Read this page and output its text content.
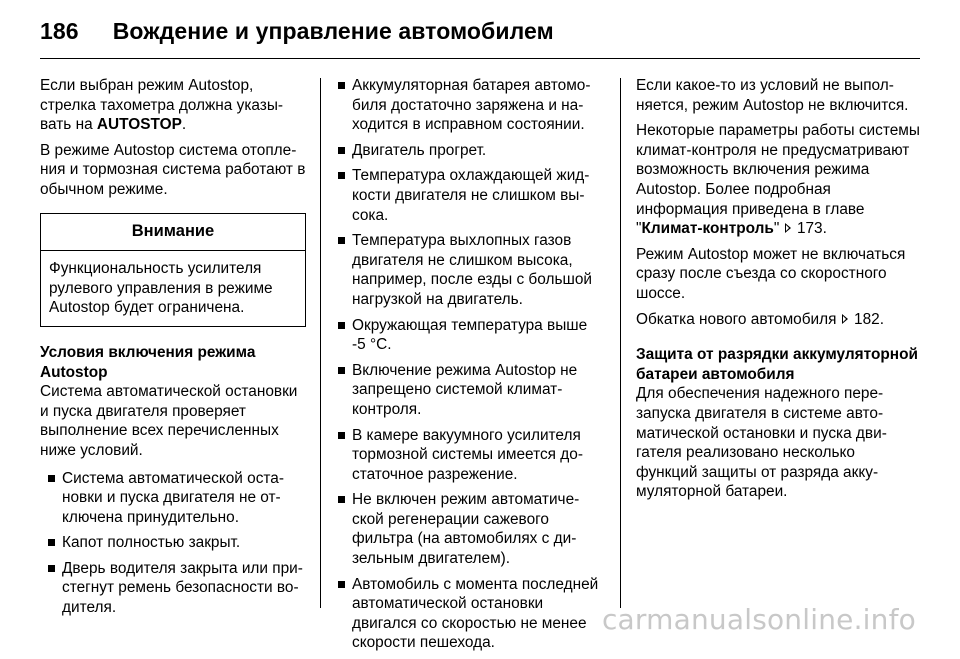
186 Вождение и управление автомобилем

Если выбран режим Autostop, стрелка тахометра должна указывать на AUTOSTOP.

В режиме Autostop система отопления и тормозная система работают в обычном режиме.

Внимание
Функциональность усилителя рулевого управления в режиме Autostop будет ограничена.

Условия включения режима Autostop

Система автоматической остановки и пуска двигателя проверяет выполнение всех перечисленных ниже условий.

Система автоматической остановки и пуска двигателя не отключена принудительно.
Капот полностью закрыт.
Дверь водителя закрыта или пристегнут ремень безопасности водителя.
Аккумуляторная батарея автомобиля достаточно заряжена и находится в исправном состоянии.
Двигатель прогрет.
Температура охлаждающей жидкости двигателя не слишком высока.
Температура выхлопных газов двигателя не слишком высока, например, после езды с большой нагрузкой на двигатель.
Окружающая температура выше -5 °C.
Включение режима Autostop не запрещено системой климат-контроля.
В камере вакуумного усилителя тормозной системы имеется достаточное разрежение.
Не включен режим автоматической регенерации сажевого фильтра (на автомобилях с дизельным двигателем).
Автомобиль с момента последней автоматической остановки двигался со скоростью не менее скорости пешехода.

Если какое-то из условий не выполняется, режим Autostop не включится.

Некоторые параметры работы системы климат-контроля не предусматривают возможность включения режима Autostop. Более подробная информация приведена в главе "Климат-контроль"  173.

Режим Autostop может не включаться сразу после съезда со скоростного шоссе.

Обкатка нового автомобиля  182.

Защита от разрядки аккумуляторной батареи автомобиля

Для обеспечения надежного перезапуска двигателя в системе автоматической остановки и пуска двигателя реализовано несколько функций защиты от разряда аккумуляторной батареи.

carmanualsonline.info
